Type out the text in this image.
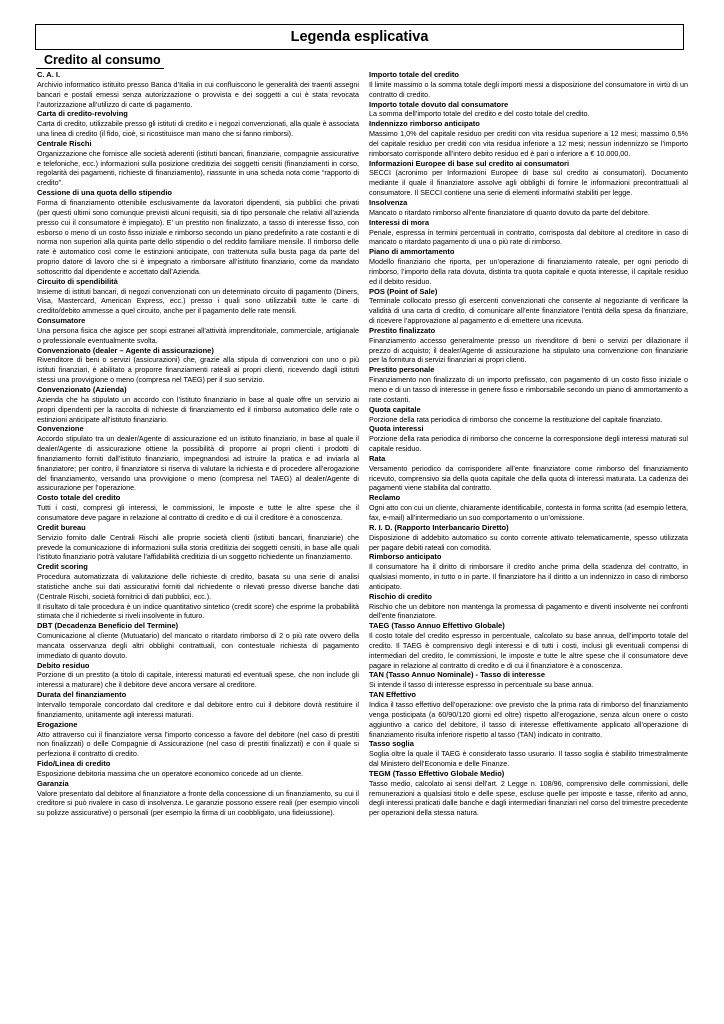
Legenda esplicativa
Credito al consumo
C. A. I.

Archivio informatico istituito presso Banca d’Italia in cui confluiscono le generalità dei traenti assegni bancari e postali emessi senza autorizzazione o provvista e dei soggetti a cui è stata revocata l’autorizzazione all’utilizzo di carte di pagamento.

Carta di credito-revolving

Carta di credito, utilizzabile presso gli istituti di credito e i negozi convenzionati, alla quale è associata una linea di credito (il fido, cioè, si ricostituisce man mano che si fanno rimborsi).

Centrale Rischi

Organizzazione che fornisce alle società aderenti (istituti bancari, finanziarie, compagnie assicurative e telefoniche, ecc.) informazioni sulla posizione creditizia dei soggetti censiti (finanziamenti in corso, regolarità dei pagamenti, richieste di finanziamento), riassunte in una scheda nota come “rapporto di credito”.

Cessione di una quota dello stipendio

Forma di finanziamento ottenibile esclusivamente da lavoratori dipendenti, sia pubblici che privati (per questi ultimi sono comunque previsti alcuni requisiti, sia di tipo personale che relativi all’azienda presso cui il consumatore è impiegato). E’ un prestito non finalizzato, a tasso di interesse fisso, con esborso o meno di un costo fisso iniziale e rimborso secondo un piano predefinito a rate costanti e di norma non superiori alla quinta parte dello stipendio o del reddito familiare mensile. Il rimborso delle rate è automatico così come le estinzioni anticipate, con trattenuta sulla busta paga da parte del proprio datore di lavoro che si è impegnato a rimborsare all’istituto finanziario, come da mandato sottoscritto dal dipendente e accettato dall’Azienda.

Circuito di spendibilità

Insieme di istituti bancari, di negozi convenzionati con un determinato circuito di pagamento (Diners, Visa, Mastercard, American Express, ecc.) presso i quali sono utilizzabili tutte le carte di credito/debito ammesse a quel circuito, anche per il pagamento delle rate mensili.

Consumatore

Una persona fisica che agisce per scopi estranei all’attività imprenditoriale, commerciale, artigianale o professionale eventualmente svolta.

Convenzionato (dealer – Agente di assicurazione)

Rivenditore di beni o servizi (assicurazioni) che, grazie alla stipula di convenzioni con uno o più istituti finanziari, è abilitato a proporre finanziamenti rateali ai propri clienti, ricevendo dagli istituti stessi una provvigione o meno (compresa nel TAEG) per il suo servizio.

Convenzionato (Azienda)

Azienda che ha stipulato un accordo con l’istituto finanziario in base al quale offre un servizio ai propri dipendenti per la raccolta di richieste di finanziamento ed il rimborso automatico delle rate o estinzioni anticipate all’istituto finanziario.

Convenzione

Accordo stipulato tra un dealer/Agente di assicurazione ed un istituto finanziario, in base al quale il dealer/Agente di assicurazione ottiene la possibilità di proporre ai propri clienti i prodotti di finanziamento forniti dall’istituto finanziario, impegnandosi ad istruire la pratica e ad inviarla al finanziatore; per contro, il finanziatore si riserva di valutare la richiesta e di procedere all’erogazione del finanziamento, versando una provvigione o meno (compresa nel TAEG) al dealer/Agente di assicurazione per l’operazione.

Costo totale del credito

Tutti i costi, compresi gli interessi, le commissioni, le imposte e tutte le altre spese che il consumatore deve pagare in relazione al contratto di credito e di cui il creditore è a conoscenza.

Credit bureau

Servizio fornito dalle Centrali Rischi alle proprie società clienti (istituti bancari, finanziarie) che prevede la comunicazione di informazioni sulla storia creditizia dei soggetti censiti, in base alle quali l’istituto finanziario potrà valutare l’affidabilità creditizia di un soggetto richiedente un finanziamento.

Credit scoring

Procedura automatizzata di valutazione delle richieste di credito, basata su una serie di analisi statistiche anche sui dati assicurativi forniti dal richiedente o rilevati presso diverse banche dati (Centrale Rischi, società fornitrici di dati pubblici, ecc.).

Il risultato di tale procedura è un indice quantitativo sintetico (credit score) che esprime la probabilità stimata che il richiedente si riveli insolvente in futuro.

DBT (Decadenza Beneficio del Termine)

Comunicazione al cliente (Mutuatario) del mancato o ritardato rimborso di 2 o più rate ovvero della mancata osservanza degli altri obblighi contrattuali, con contestuale richiesta di pagamento immediato di quanto dovuto.

Debito residuo

Porzione di un prestito (a titolo di capitale, interessi maturati ed eventuali spese, che non include gli interessi a maturare) che il debitore deve ancora versare al creditore.

Durata del finanziamento

Intervallo temporale concordato dal creditore e dal debitore entro cui il debitore dovrà restituire il finanziamento, unitamente agli interessi maturati.

Erogazione

Atto attraverso cui il finanziatore versa l’importo concesso a favore del debitore (nel caso di prestiti non finalizzati) o delle Compagnie di Assicurazione (nel caso di prestiti finalizzati) e con il quale si perfeziona il contratto di credito.

Fido/Linea di credito

Esposizione debitoria massima che un operatore economico concede ad un cliente.

Garanzia

Valore presentato dal debitore al finanziatore a fronte della concessione di un finanziamento, su cui il creditore si può rivalere in caso di insolvenza. Le garanzie possono essere reali (per esempio vincoli su polizze assicurative) o personali (per esempio la firma di un coobbligato, una fideiussione).

Importo totale del credito

Il limite massimo o la somma totale degli importi messi a disposizione del consumatore in virtù di un contratto di credito.

Importo totale dovuto dal consumatore

La somma dell’importo totale del credito e del costo totale del credito.

Indennizzo rimborso anticipato

Massimo 1,0% del capitale residuo per crediti con vita residua superiore a 12 mesi; massimo 0,5% del capitale residuo per crediti con vita residua inferiore a 12 mesi; nessun indennizzo se l’importo rimborsato corrisponde all’intero debito residuo ed è pari o inferiore a € 10.000,00.

Informazioni Europee di base sul credito ai consumatori

SECCI (acronimo per Informazioni Europee di base sul credito ai consumatori). Documento mediante il quale il finanziatore assolve agli obblighi di fornire le informazioni precontrattuali al consumatore. Il SECCI contiene una serie di elementi informativi stabiliti per legge.

Insolvenza

Mancato o ritardato rimborso all’ente finanziatore di quanto dovuto da parte del debitore.

Interessi di mora

Penale, espressa in termini percentuali in contratto, corrisposta dal debitore al creditore in caso di mancato o ritardato pagamento di una o più rate di rimborso.

Piano di ammortamento

Modello finanziario che riporta, per un’operazione di finanziamento rateale, per ogni periodo di rimborso, l’importo della rata dovuta, distinta tra quota capitale e quota interesse, il capitale residuo ed il debito residuo.

POS (Point of Sale)

Terminale collocato presso gli esercenti convenzionati che consente al negoziante di verificare la validità di una carta di credito, di comunicare all’ente finanziatore l’entità della spesa da finanziare, di ricevere l’approvazione al pagamento e di emettere una ricevuta.

Prestito finalizzato

Finanziamento accesso generalmente presso un rivenditore di beni o servizi per dilazionare il prezzo di acquisto; il dealer/Agente di assicurazione ha stipulato una convenzione con finanziarie per la fornitura di servizi finanziari ai propri clienti.

Prestito personale

Finanziamento non finalizzato di un importo prefissato, con pagamento di un costo fisso iniziale o meno e di un tasso di interesse in genere fisso e rimborsabile secondo un piano di ammortamento a rate costanti.

Quota capitale

Porzione della rata periodica di rimborso che concerne la restituzione del capitale finanziato.

Quota interessi

Porzione della rata periodica di rimborso che concerne la corresponsione degli interessi maturati sul capitale residuo.

Rata

Versamento periodico da corrispondere all’ente finanziatore come rimborso del finanziamento ricevuto, comprensivo sia della quota capitale che della quota di interessi maturata. La cadenza dei pagamenti viene stabilita dal contratto.

Reclamo

Ogni atto con cui un cliente, chiaramente identificabile, contesta in forma scritta (ad esempio lettera, fax, e-mail) all’intermediario un suo comportamento o un’omissione.

R. I. D. (Rapporto Interbancario Diretto)

Disposizione di addebito automatico su conto corrente attivato telematicamente, spesso utilizzata per pagare debiti rateali con comodità.

Rimborso anticipato

Il consumatore ha il diritto di rimborsare il credito anche prima della scadenza del contratto, in qualsiasi momento, in tutto o in parte. Il finanziatore ha il diritto a un indennizzo in caso di rimborso anticipato.

Rischio di credito

Rischio che un debitore non mantenga la promessa di pagamento e diventi insolvente nei confronti dell’ente finanziatore.

TAEG (Tasso Annuo Effettivo Globale)

Il costo totale del credito espresso in percentuale, calcolato su base annua, dell’importo totale del credito. Il TAEG è comprensivo degli interessi e di tutti i costi, inclusi gli eventuali compensi di intermediari del credito, le commissioni, le imposte e tutte le altre spese che il consumatore deve pagare in relazione al contratto di credito e di cui il finanziatore è a conoscenza.

TAN (Tasso Annuo Nominale) - Tasso di interesse

Si intende il tasso di interesse espresso in percentuale su base annua.

TAN Effettivo

Indica il tasso effettivo dell’operazione: ove previsto che la prima rata di rimborso del finanziamento venga posticipata (a 60/90/120 giorni ed oltre) rispetto all’erogazione, senza alcun onere o costo aggiuntivo a carico del debitore, il tasso di interesse effettivamente applicato all’operazione di finanziamento risulta inferiore rispetto al tasso (TAN) indicato in contratto.

Tasso soglia

Soglia oltre la quale il TAEG è considerato tasso usurario. Il tasso soglia è stabilito trimestralmente dal Ministero dell’Economia e delle Finanze.

TEGM (Tasso Effettivo Globale Medio)

Tasso medio, calcolato ai sensi dell’art. 2 Legge n. 108/96, comprensivo delle commissioni, delle remunerazioni a qualsiasi titolo e delle spese, escluse quelle per imposte e tasse, riferito ad anno, degli interessi praticati dalle banche e dagli intermediari finanziari nel corso del trimestre precedente per operazioni della stessa natura.
